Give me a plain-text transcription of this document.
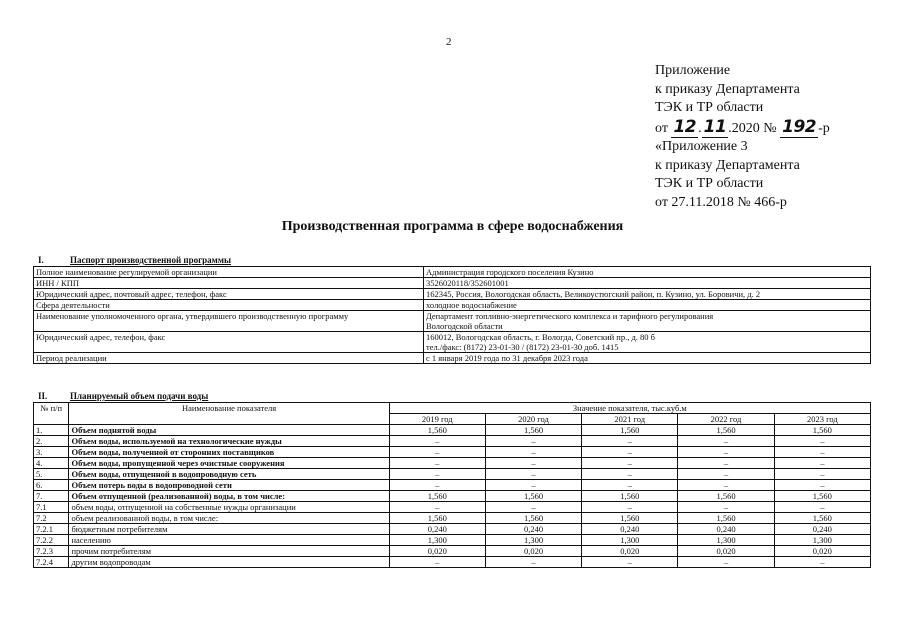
2
Приложение
к приказу Департамента
ТЭК и ТР области
от 12 . 11 .2020 № 192 -р
«Приложение 3
к приказу Департамента
ТЭК и ТР области
от 27.11.2018 № 466-р
Производственная программа в сфере водоснабжения
I.	Паспорт производственной программы
Полное наименование регулируемой организации	Администрация городского поселения Кузино

ИНН / КПП	3526020118/352601001

Юридический адрес, почтовый адрес, телефон, факс	162345, Россия, Вологодская область, Великоустюгский район, п. Кузино, ул. Боровичи, д. 2

Сфера деятельности	холодное водоснабжение

Наименование уполномоченного органа, утвердившего производственную программу	Департамент топливно-энергетического комплекса и тарифного регулирования
Вологодской области

Юридический адрес, телефон, факс	160012, Вологодская область, г. Вологда, Советский пр., д. 80 б
тел./факс: (8172) 23-01-30 / (8172) 23-01-30 доб. 1415

Период реализации	с 1 января 2019 года по 31 декабря 2023 года
II.	Планируемый объем подачи воды
№ п/п	Наименование показателя	Значение показателя, тыс.куб.м				
		2019 год	2020 год	2021 год	2022 год	2023 год
1.	Объем поднятой воды	1,560	1,560	1,560	1,560	1,560
2.	Объем воды, используемой на технологические нужды	–	–	–	–	–
3.	Объем воды, полученной от сторонних поставщиков	–	–	–	–	–
4.	Объем воды, пропущенной через очистные сооружения	–	–	–	–	–
5.	Объем воды, отпущенной в водопроводную сеть	–	–	–	–	–
6.	Объем потерь воды в водопроводной сети	–	–	–	–	–
7.	Объем отпущенной (реализованной) воды, в том числе:	1,560	1,560	1,560	1,560	1,560
7.1	объем воды, отпущенной на собственные нужды организации	–	–	–	–	–
7.2	объем реализованной воды, в том числе:	1,560	1,560	1,560	1,560	1,560
7.2.1	бюджетным потребителям	0,240	0,240	0,240	0,240	0,240
7.2.2	населению	1,300	1,300	1,300	1,300	1,300
7.2.3	прочим потребителям	0,020	0,020	0,020	0,020	0,020
7.2.4	другим водопроводам	–	–	–	–	–
